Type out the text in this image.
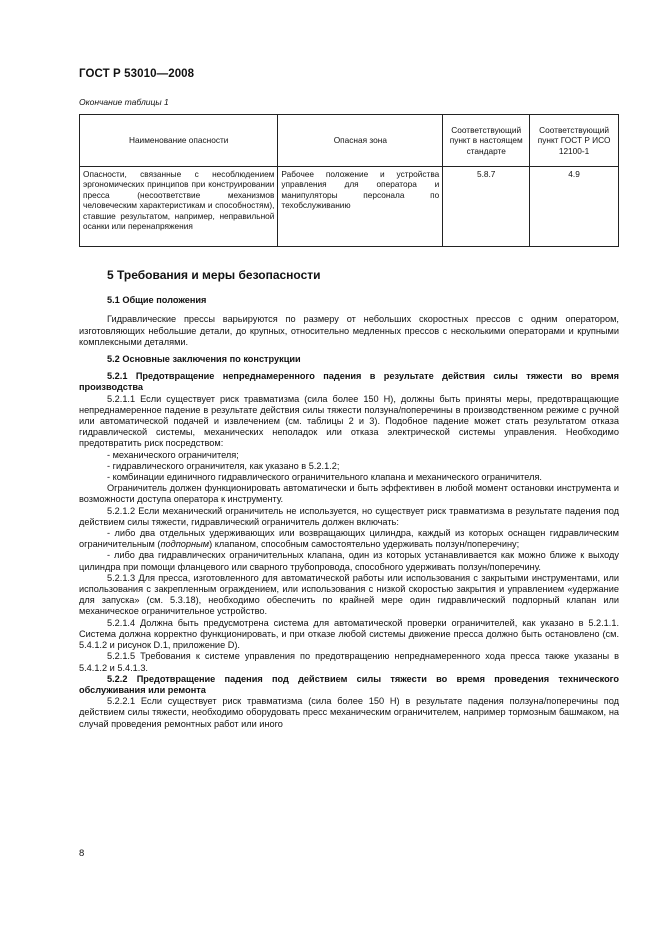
ГОСТ Р 53010—2008
Окончание таблицы 1
Наименование опасности	Опасная зона	Соответствующий пункт в настоящем стандарте	Соответствующий пункт ГОСТ Р ИСО 12100-1
Опасности, связанные с несоблюдением эргономических принципов при конструировании пресса (несоответствие механизмов человеческим характеристикам и способностям), ставшие результатом, например, неправильной осанки или перенапряжения	Рабочее положение и устройства управления для оператора и манипуляторы персонала по техобслуживанию	5.8.7	4.9
5 Требования и меры безопасности
5.1 Общие положения

Гидравлические прессы варьируются по размеру от небольших скоростных прессов с одним оператором, изготовляющих небольшие детали, до крупных, относительно медленных прессов с несколькими операторами и крупными комплексными деталями.

5.2 Основные заключения по конструкции

5.2.1 Предотвращение непреднамеренного падения в результате действия силы тяжести во время производства

5.2.1.1 Если существует риск травматизма (сила более 150 Н), должны быть приняты меры, предотвращающие непреднамеренное падение в результате действия силы тяжести ползуна/поперечины в производственном режиме с ручной или автоматической подачей и извлечением (см. таблицы 2 и 3). Подобное падение может стать результатом отказа гидравлической системы, механических неполадок или отказа электрической системы управления. Необходимо предотвратить риск посредством:

- механического ограничителя;

- гидравлического ограничителя, как указано в 5.2.1.2;

- комбинации единичного гидравлического ограничительного клапана и механического ограничителя.

Ограничитель должен функционировать автоматически и быть эффективен в любой момент остановки инструмента и возможности доступа оператора к инструменту.

5.2.1.2 Если механический ограничитель не используется, но существует риск травматизма в результате падения под действием силы тяжести, гидравлический ограничитель должен включать:

- либо два отдельных удерживающих или возвращающих цилиндра, каждый из которых оснащен гидравлическим ограничительным (подпорным) клапаном, способным самостоятельно удерживать ползун/поперечину;

- либо два гидравлических ограничительных клапана, один из которых устанавливается как можно ближе к выходу цилиндра при помощи фланцевого или сварного трубопровода, способного удерживать ползун/поперечину.

5.2.1.3 Для пресса, изготовленного для автоматической работы или использования с закрытыми инструментами, или использования с закрепленным ограждением, или использования с низкой скоростью закрытия и управлением «удержание для запуска» (см. 5.3.18), необходимо обеспечить по крайней мере один гидравлический подпорный клапан или механическое ограничительное устройство.

5.2.1.4 Должна быть предусмотрена система для автоматической проверки ограничителей, как указано в 5.2.1.1. Система должна корректно функционировать, и при отказе любой системы движение пресса должно быть остановлено (см. 5.4.1.2 и рисунок D.1, приложение D).

5.2.1.5 Требования к системе управления по предотвращению непреднамеренного хода пресса также указаны в 5.4.1.2 и 5.4.1.3.

5.2.2 Предотвращение падения под действием силы тяжести во время проведения технического обслуживания или ремонта

5.2.2.1 Если существует риск травматизма (сила более 150 Н) в результате падения ползуна/поперечины под действием силы тяжести, необходимо оборудовать пресс механическим ограничителем, например тормозным башмаком, на случай проведения ремонтных работ или иного

8
